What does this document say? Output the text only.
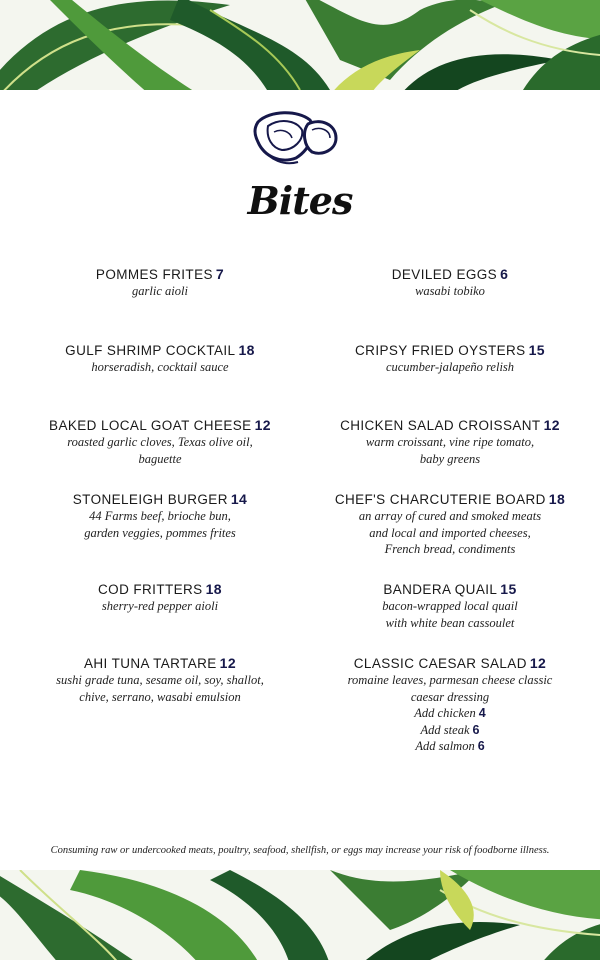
Bites
POMMES FRITES 7
garlic aioli
GULF SHRIMP COCKTAIL 18
horseradish, cocktail sauce
BAKED LOCAL GOAT CHEESE 12
roasted garlic cloves, Texas olive oil,
baguette
STONELEIGH BURGER 14
44 Farms beef, brioche bun,
garden veggies, pommes frites
COD FRITTERS 18
sherry-red pepper aioli
AHI TUNA TARTARE 12
sushi grade tuna, sesame oil, soy, shallot,
chive, serrano, wasabi emulsion
DEVILED EGGS 6
wasabi tobiko
CRIPSY FRIED OYSTERS 15
cucumber-jalapeño relish
CHICKEN SALAD CROISSANT 12
warm croissant, vine ripe tomato,
baby greens
CHEF'S CHARCUTERIE BOARD 18
an array of cured and smoked meats
and local and imported cheeses,
French bread, condiments
BANDERA QUAIL 15
bacon-wrapped local quail
with white bean cassoulet
CLASSIC CAESAR SALAD 12
romaine leaves, parmesan cheese classic
caesar dressing
Add chicken 4
Add steak 6
Add salmon 6
Consuming raw or undercooked meats, poultry, seafood, shellfish, or eggs may increase your risk of foodborne illness.
